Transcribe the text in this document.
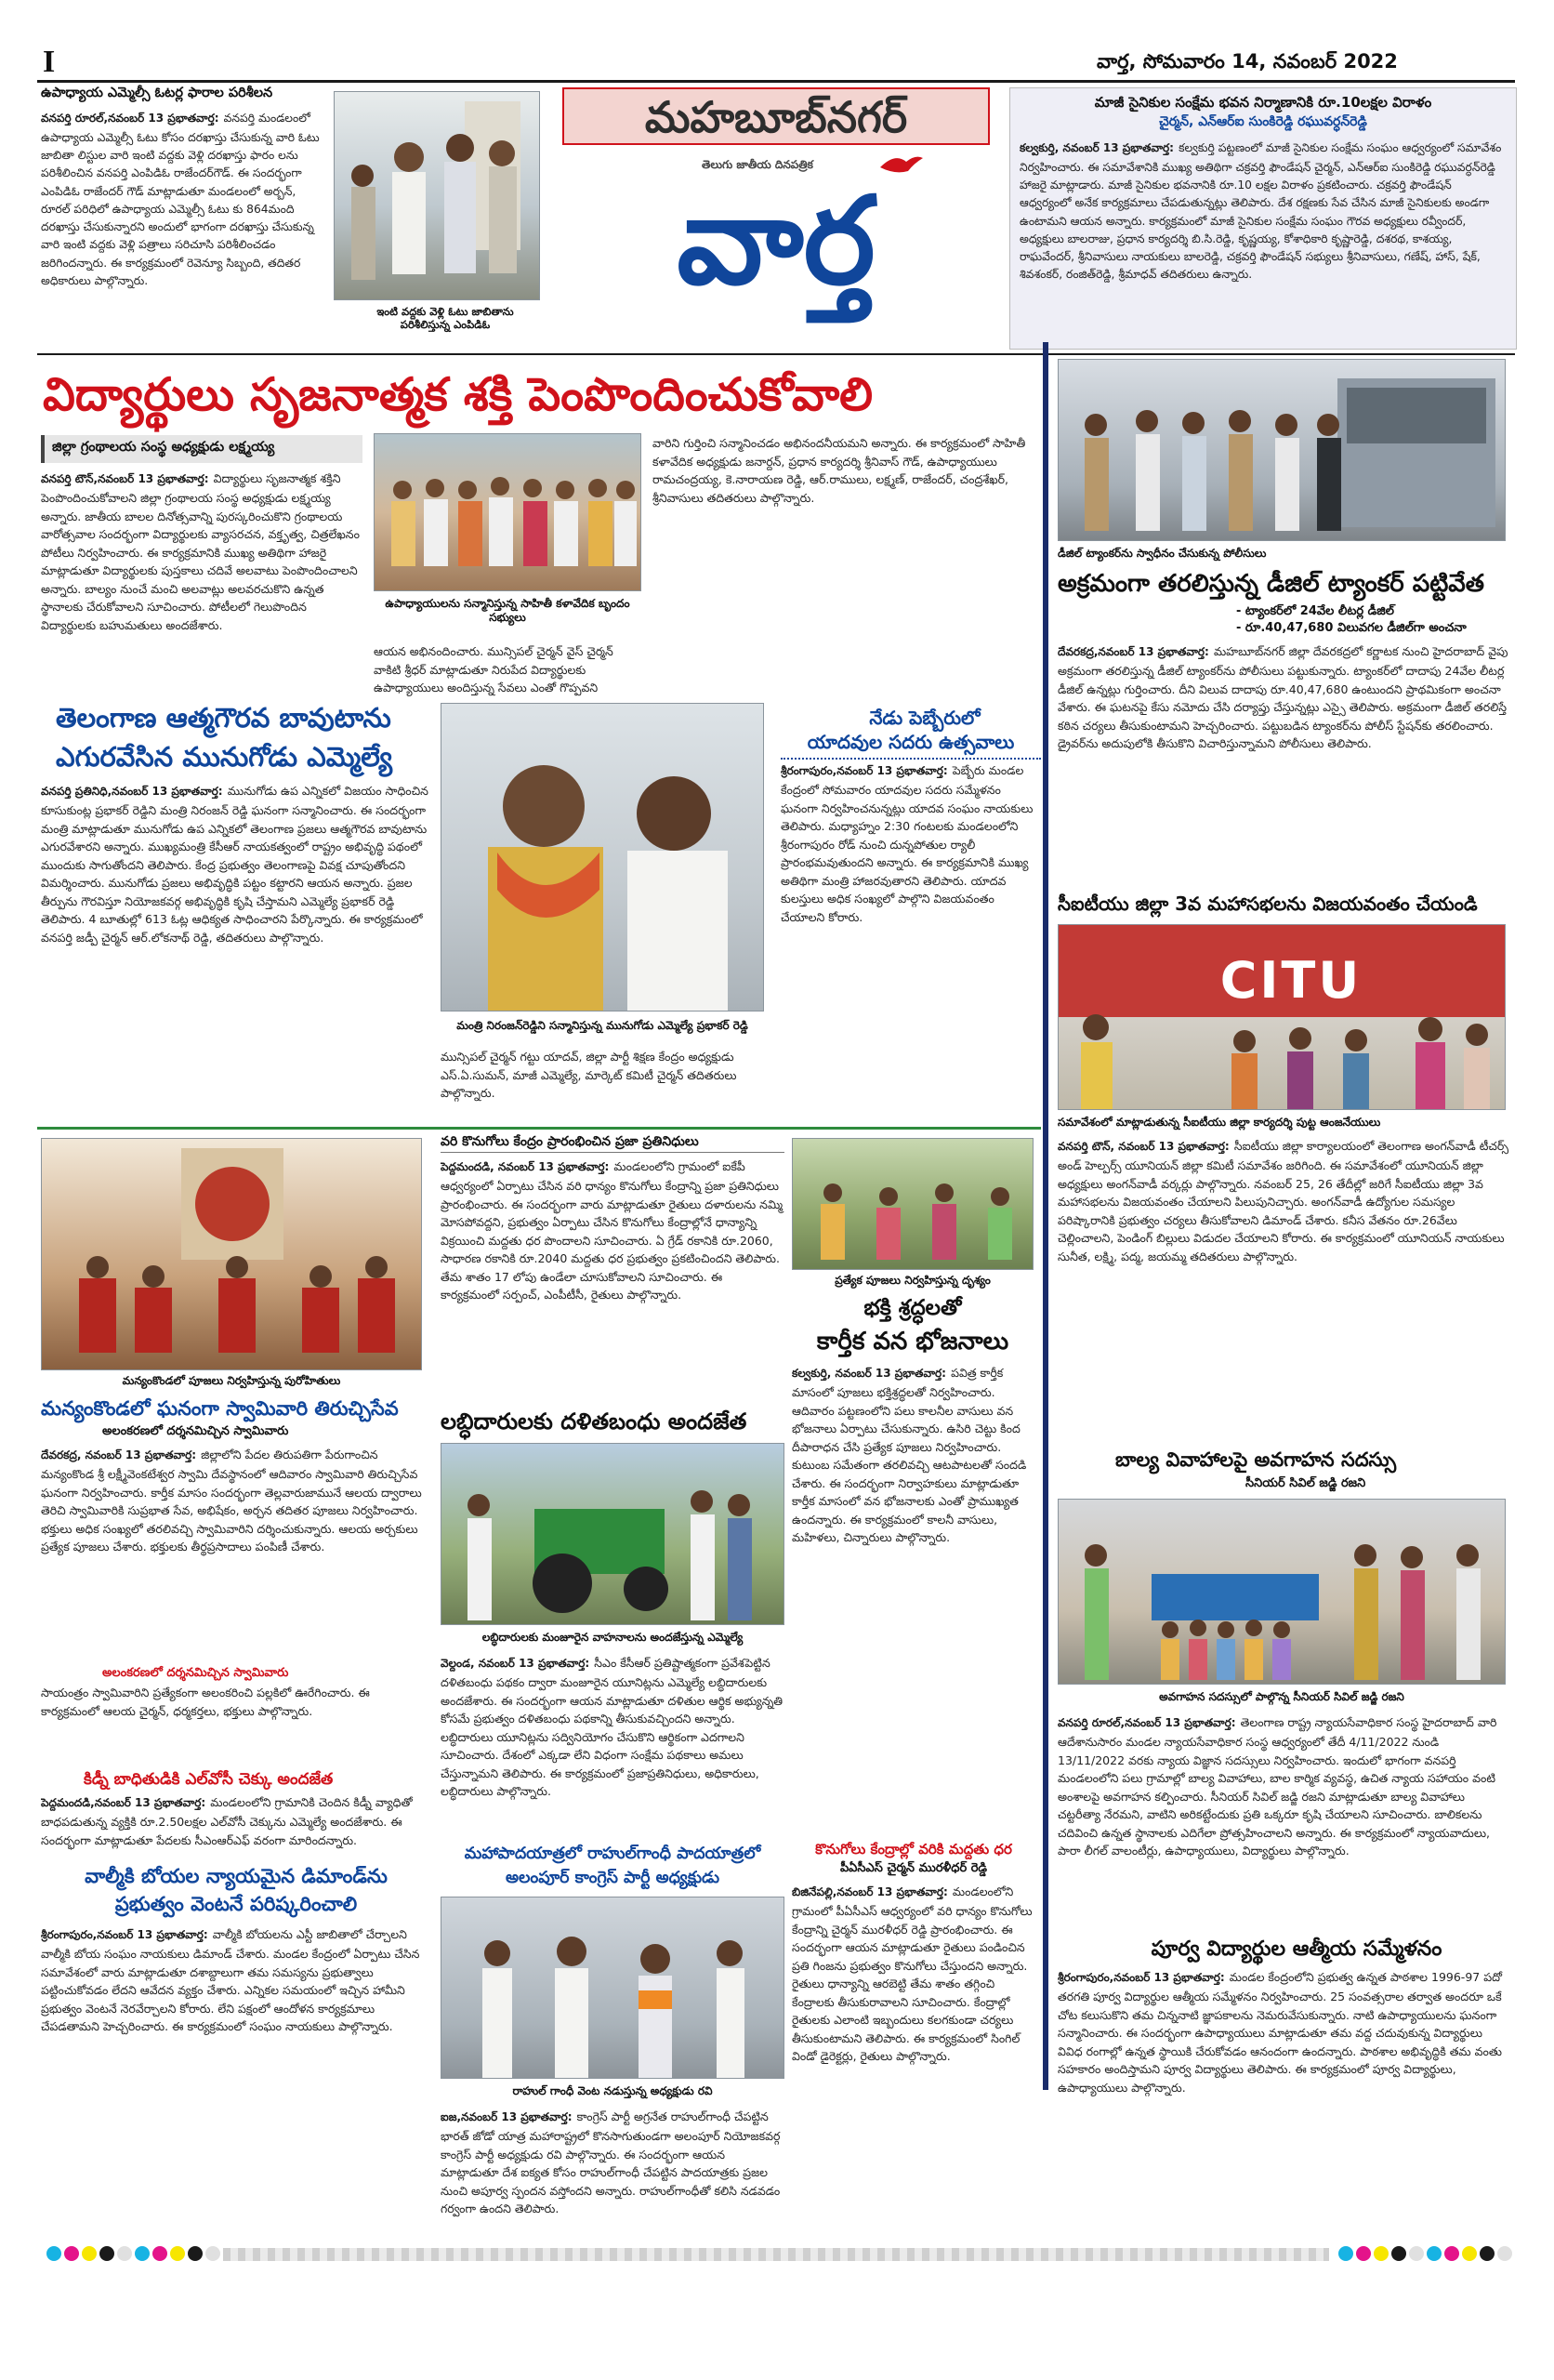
I	వార్త, సోమవారం 14, నవంబర్ 2022
ఉపాధ్యాయ ఎమ్మెల్సీ ఓటర్ల ఫారాల పరిశీలన
వనపర్తి రూరల్,నవంబర్ 13 ప్రభాతవార్త: వనపర్తి మండలంలో ఉపాధ్యాయ ఎమ్మెల్సీ ఓటు కోసం దరఖాస్తు చేసుకున్న వారి ఓటు జాబితా లిస్టుల వారి ఇంటి వద్దకు వెళ్లి దరఖాస్తు ఫారం లను పరిశీలించిన వనపర్తి ఎంపిడిఓ రాజేందర్‌గౌడ్. ఈ సందర్భంగా ఎంపిడిఓ రాజేందర్ గౌడ్ మాట్లాడుతూ మండలంలో అర్బన్, రూరల్ పరిధిలో ఉపాధ్యాయ ఎమ్మెల్సీ ఓటు కు 864మంది దరఖాస్తు చేసుకున్నారని అందులో భాగంగా దరఖాస్తు చేసుకున్న వారి ఇంటి వద్దకు వెళ్లి పత్రాలు సరిచూసి పరిశీలించడం జరిగిందన్నారు. ఈ కార్యక్రమంలో రెవెన్యూ సిబ్బంది, తదితర అధికారులు పాల్గొన్నారు.
ఇంటి వద్దకు వెళ్లి ఓటు జాబితాను పరిశీలిస్తున్న ఎంపిడిఓ
మహబూబ్‌నగర్
తెలుగు జాతీయ దినపత్రిక
వార్త
మాజీ సైనికుల సంక్షేమ భవన నిర్మాణానికి రూ.10లక్షల విరాళం
చైర్మన్, ఎన్‌ఆర్‌ఐ సుంకిరెడ్డి రఘువర్ధన్‌రెడ్డి
కల్వకుర్తి, నవంబర్ 13 ప్రభాతవార్త: కల్వకుర్తి పట్టణంలో మాజీ సైనికుల సంక్షేమ సంఘం ఆధ్వర్యంలో సమావేశం నిర్వహించారు. ఈ సమావేశానికి ముఖ్య అతిథిగా చక్రవర్తి ఫౌండేషన్ చైర్మన్, ఎన్‌ఆర్‌ఐ సుంకిరెడ్డి రఘువర్ధన్‌రెడ్డి హాజరై మాట్లాడారు. మాజీ సైనికుల భవనానికి రూ.10 లక్షల విరాళం ప్రకటించారు. చక్రవర్తి ఫౌండేషన్ ఆధ్వర్యంలో అనేక కార్యక్రమాలు చేపడుతున్నట్లు తెలిపారు. దేశ రక్షణకు సేవ చేసిన మాజీ సైనికులకు అండగా ఉంటామని ఆయన అన్నారు. కార్యక్రమంలో మాజీ సైనికుల సంక్షేమ సంఘం గౌరవ అధ్యక్షులు రవ్వీందర్, అధ్యక్షులు బాలరాజు, ప్రధాన కార్యదర్శి బి.సి.రెడ్డి, కృష్ణయ్య, కోశాధికారి కృష్ణారెడ్డి, దశరథ, కాశయ్య, రాఘవేందర్, శ్రీనివాసులు నాయకులు బాలరెడ్డి, చక్రవర్తి ఫౌండేషన్ సభ్యులు శ్రీనివాసులు, గణేష్, హాస్, షేక్, శివశంకర్, రంజిత్‌రెడ్డి, శ్రీమాధవ్ తదితరులు ఉన్నారు.
విద్యార్థులు సృజనాత్మక శక్తి పెంపొందించుకోవాలి
జిల్లా గ్రంథాలయ సంస్థ అధ్యక్షుడు లక్ష్మయ్య
వనపర్తి టౌన్,నవంబర్ 13 ప్రభాతవార్త: విద్యార్థులు సృజనాత్మక శక్తిని పెంపొందించుకోవాలని జిల్లా గ్రంథాలయ సంస్థ అధ్యక్షుడు లక్ష్మయ్య అన్నారు. జాతీయ బాలల దినోత్సవాన్ని పురస్కరించుకొని గ్రంథాలయ వారోత్సవాల సందర్భంగా విద్యార్థులకు వ్యాసరచన, వక్తృత్వ, చిత్రలేఖనం పోటీలు నిర్వహించారు. ఈ కార్యక్రమానికి ముఖ్య అతిథిగా హాజరై మాట్లాడుతూ విద్యార్థులకు పుస్తకాలు చదివే అలవాటు పెంపొందించాలని అన్నారు. బాల్యం నుంచే మంచి అలవాట్లు అలవరచుకొని ఉన్నత స్థానాలకు చేరుకోవాలని సూచించారు. పోటీలలో గెలుపొందిన విద్యార్థులకు బహుమతులు అందజేశారు.
ఉపాధ్యాయులను సన్మానిస్తున్న సాహితీ కళావేదిక బృందం సభ్యులు
వారిని గుర్తించి సన్మానించడం అభినందనీయమని అన్నారు. ఈ కార్యక్రమంలో సాహితీ కళావేదిక అధ్యక్షుడు జనార్దన్, ప్రధాన కార్యదర్శి శ్రీనివాస్ గౌడ్, ఉపాధ్యాయులు రామచంద్రయ్య, కె.నారాయణ రెడ్డి, ఆర్.రాములు, లక్ష్మణ్, రాజేందర్, చంద్రశేఖర్, శ్రీనివాసులు తదితరులు పాల్గొన్నారు.
ఆయన అభినందించారు. మున్సిపల్ చైర్మన్ వైస్ చైర్మన్ వాకిటి శ్రీధర్ మాట్లాడుతూ నిరుపేద విద్యార్థులకు ఉపాధ్యాయులు అందిస్తున్న సేవలు ఎంతో గొప్పవని
డీజిల్ ట్యాంకర్‌ను స్వాధీనం చేసుకున్న పోలీసులు
అక్రమంగా తరలిస్తున్న డీజిల్ ట్యాంకర్ పట్టివేత
- ట్యాంకర్‌లో 24వేల లీటర్ల డీజిల్
- రూ.40,47,680 విలువగల డీజిల్‌గా అంచనా
దేవరకద్ర,నవంబర్ 13 ప్రభాతవార్త: మహబూబ్‌నగర్ జిల్లా దేవరకద్రలో కర్ణాటక నుంచి హైదరాబాద్ వైపు అక్రమంగా తరలిస్తున్న డీజిల్ ట్యాంకర్‌ను పోలీసులు పట్టుకున్నారు. ట్యాంకర్‌లో దాదాపు 24వేల లీటర్ల డీజిల్ ఉన్నట్లు గుర్తించారు. దీని విలువ దాదాపు రూ.40,47,680 ఉంటుందని ప్రాథమికంగా అంచనా వేశారు. ఈ ఘటనపై కేసు నమోదు చేసి దర్యాప్తు చేస్తున్నట్లు ఎస్సై తెలిపారు. అక్రమంగా డీజిల్ తరలిస్తే కఠిన చర్యలు తీసుకుంటామని హెచ్చరించారు. పట్టుబడిన ట్యాంకర్‌ను పోలీస్ స్టేషన్‌కు తరలించారు. డ్రైవర్‌ను అదుపులోకి తీసుకొని విచారిస్తున్నామని పోలీసులు తెలిపారు.
సీఐటీయు జిల్లా 3వ మహాసభలను విజయవంతం చేయండి
CITU
సమావేశంలో మాట్లాడుతున్న సీఐటీయు జిల్లా కార్యదర్శి పుట్ట ఆంజనేయులు
వనపర్తి టౌన్, నవంబర్ 13 ప్రభాతవార్త: సీఐటీయు జిల్లా కార్యాలయంలో తెలంగాణ అంగన్‌వాడీ టీచర్స్ అండ్ హెల్పర్స్ యూనియన్ జిల్లా కమిటీ సమావేశం జరిగింది. ఈ సమావేశంలో యూనియన్ జిల్లా అధ్యక్షులు అంగన్‌వాడీ వర్కర్లు పాల్గొన్నారు. నవంబర్ 25, 26 తేదీల్లో జరిగే సీఐటీయు జిల్లా 3వ మహాసభలను విజయవంతం చేయాలని పిలుపునిచ్చారు. అంగన్‌వాడీ ఉద్యోగుల సమస్యల పరిష్కారానికి ప్రభుత్వం చర్యలు తీసుకోవాలని డిమాండ్ చేశారు. కనీస వేతనం రూ.26వేలు చెల్లించాలని, పెండింగ్ బిల్లులు విడుదల చేయాలని కోరారు. ఈ కార్యక్రమంలో యూనియన్ నాయకులు సునీత, లక్ష్మి, పద్మ, జయమ్మ తదితరులు పాల్గొన్నారు.
బాల్య వివాహాలపై అవగాహన సదస్సు
సీనియర్ సివిల్ జడ్జి రజని
అవగాహన సదస్సులో పాల్గొన్న సీనియర్ సివిల్ జడ్జి రజని
వనపర్తి రూరల్,నవంబర్ 13 ప్రభాతవార్త: తెలంగాణ రాష్ట్ర న్యాయసేవాధికార సంస్థ హైదరాబాద్ వారి ఆదేశానుసారం మండల న్యాయసేవాధికార సంస్థ ఆధ్వర్యంలో తేదీ 4/11/2022 నుండి 13/11/2022 వరకు న్యాయ విజ్ఞాన సదస్సులు నిర్వహించారు. ఇందులో భాగంగా వనపర్తి మండలంలోని పలు గ్రామాల్లో బాల్య వివాహాలు, బాల కార్మిక వ్యవస్థ, ఉచిత న్యాయ సహాయం వంటి అంశాలపై అవగాహన కల్పించారు. సీనియర్ సివిల్ జడ్జి రజని మాట్లాడుతూ బాల్య వివాహాలు చట్టరీత్యా నేరమని, వాటిని అరికట్టేందుకు ప్రతి ఒక్కరూ కృషి చేయాలని సూచించారు. బాలికలను చదివించి ఉన్నత స్థానాలకు ఎదిగేలా ప్రోత్సహించాలని అన్నారు. ఈ కార్యక్రమంలో న్యాయవాదులు, పారా లీగల్ వాలంటీర్లు, ఉపాధ్యాయులు, విద్యార్థులు పాల్గొన్నారు.
పూర్వ విద్యార్థుల ఆత్మీయ సమ్మేళనం
శ్రీరంగాపురం,నవంబర్ 13 ప్రభాతవార్త: మండల కేంద్రంలోని ప్రభుత్వ ఉన్నత పాఠశాల 1996-97 పదో తరగతి పూర్వ విద్యార్థుల ఆత్మీయ సమ్మేళనం నిర్వహించారు. 25 సంవత్సరాల తర్వాత అందరూ ఒకే చోట కలుసుకొని తమ చిన్ననాటి జ్ఞాపకాలను నెమరువేసుకున్నారు. నాటి ఉపాధ్యాయులను ఘనంగా సన్మానించారు. ఈ సందర్భంగా ఉపాధ్యాయులు మాట్లాడుతూ తమ వద్ద చదువుకున్న విద్యార్థులు వివిధ రంగాల్లో ఉన్నత స్థాయికి చేరుకోవడం ఆనందంగా ఉందన్నారు. పాఠశాల అభివృద్ధికి తమ వంతు సహకారం అందిస్తామని పూర్వ విద్యార్థులు తెలిపారు. ఈ కార్యక్రమంలో పూర్వ విద్యార్థులు, ఉపాధ్యాయులు పాల్గొన్నారు.
తెలంగాణ ఆత్మగౌరవ బావుటాను
ఎగురవేసిన మునుగోడు ఎమ్మెల్యే
వనపర్తి ప్రతినిధి,నవంబర్ 13 ప్రభాతవార్త: మునుగోడు ఉప ఎన్నికలో విజయం సాధించిన కూసుకుంట్ల ప్రభాకర్ రెడ్డిని మంత్రి నిరంజన్ రెడ్డి ఘనంగా సన్మానించారు. ఈ సందర్భంగా మంత్రి మాట్లాడుతూ మునుగోడు ఉప ఎన్నికలో తెలంగాణ ప్రజలు ఆత్మగౌరవ బావుటాను ఎగురవేశారని అన్నారు. ముఖ్యమంత్రి కేసీఆర్ నాయకత్వంలో రాష్ట్రం అభివృద్ధి పథంలో ముందుకు సాగుతోందని తెలిపారు. కేంద్ర ప్రభుత్వం తెలంగాణపై వివక్ష చూపుతోందని విమర్శించారు. మునుగోడు ప్రజలు అభివృద్ధికి పట్టం కట్టారని ఆయన అన్నారు. ప్రజల తీర్పును గౌరవిస్తూ నియోజకవర్గ అభివృద్ధికి కృషి చేస్తామని ఎమ్మెల్యే ప్రభాకర్ రెడ్డి తెలిపారు. 4 బూతుల్లో 613 ఓట్ల ఆధిక్యత సాధించారని పేర్కొన్నారు. ఈ కార్యక్రమంలో వనపర్తి జడ్పీ చైర్మన్ ఆర్.లోకనాథ్ రెడ్డి, తదితరులు పాల్గొన్నారు.
మంత్రి నిరంజన్‌రెడ్డిని సన్మానిస్తున్న మునుగోడు ఎమ్మెల్యే ప్రభాకర్ రెడ్డి
మున్సిపల్ చైర్మన్ గట్టు యాదవ్, జిల్లా పార్టీ శిక్షణ కేంద్రం అధ్యక్షుడు ఎస్.ఏ.సుమన్, మాజీ ఎమ్మెల్యే, మార్కెట్ కమిటీ చైర్మన్ తదితరులు పాల్గొన్నారు.
నేడు పెబ్బేరులో
యాదవుల సదరు ఉత్సవాలు
శ్రీరంగాపురం,నవంబర్ 13 ప్రభాతవార్త: పెబ్బేరు మండల కేంద్రంలో సోమవారం యాదవుల సదరు సమ్మేళనం ఘనంగా నిర్వహించనున్నట్లు యాదవ సంఘం నాయకులు తెలిపారు. మధ్యాహ్నం 2:30 గంటలకు మండలంలోని శ్రీరంగాపురం రోడ్ నుంచి దున్నపోతుల ర్యాలీ ప్రారంభమవుతుందని అన్నారు. ఈ కార్యక్రమానికి ముఖ్య అతిథిగా మంత్రి హాజరవుతారని తెలిపారు. యాదవ కులస్తులు అధిక సంఖ్యలో పాల్గొని విజయవంతం చేయాలని కోరారు.
మన్యంకొండలో పూజలు నిర్వహిస్తున్న పురోహితులు
మన్యంకొండలో ఘనంగా స్వామివారి తిరుచ్చిసేవ
అలంకరణలో దర్శనమిచ్చిన స్వామివారు
దేవరకద్ర, నవంబర్ 13 ప్రభాతవార్త: జిల్లాలోని పేదల తిరుపతిగా పేరుగాంచిన మన్యంకొండ శ్రీ లక్ష్మీవెంకటేశ్వర స్వామి దేవస్థానంలో ఆదివారం స్వామివారి తిరుచ్చిసేవ ఘనంగా నిర్వహించారు. కార్తీక మాసం సందర్భంగా తెల్లవారుజామునే ఆలయ ద్వారాలు తెరిచి స్వామివారికి సుప్రభాత సేవ, అభిషేకం, అర్చన తదితర పూజలు నిర్వహించారు. భక్తులు అధిక సంఖ్యలో తరలివచ్చి స్వామివారిని దర్శించుకున్నారు. ఆలయ అర్చకులు ప్రత్యేక పూజలు చేశారు. భక్తులకు తీర్థప్రసాదాలు పంపిణీ చేశారు.
అలంకరణలో దర్శనమిచ్చిన స్వామివారు
సాయంత్రం స్వామివారిని ప్రత్యేకంగా అలంకరించి పల్లకిలో ఊరేగించారు. ఈ కార్యక్రమంలో ఆలయ చైర్మన్, ధర్మకర్తలు, భక్తులు పాల్గొన్నారు.
కిడ్నీ బాధితుడికి ఎల్‌వోసీ చెక్కు అందజేత
పెద్దమందడి,నవంబర్ 13 ప్రభాతవార్త: మండలంలోని గ్రామానికి చెందిన కిడ్నీ వ్యాధితో బాధపడుతున్న వ్యక్తికి రూ.2.50లక్షల ఎల్‌వోసీ చెక్కును ఎమ్మెల్యే అందజేశారు. ఈ సందర్భంగా మాట్లాడుతూ పేదలకు సీఎంఆర్‌ఎఫ్ వరంగా మారిందన్నారు.
వాల్మీకి బోయల న్యాయమైన డిమాండ్‌ను
ప్రభుత్వం వెంటనే పరిష్కరించాలి
శ్రీరంగాపురం,నవంబర్ 13 ప్రభాతవార్త: వాల్మీకి బోయలను ఎస్టీ జాబితాలో చేర్చాలని వాల్మీకి బోయ సంఘం నాయకులు డిమాండ్ చేశారు. మండల కేంద్రంలో ఏర్పాటు చేసిన సమావేశంలో వారు మాట్లాడుతూ దశాబ్దాలుగా తమ సమస్యను ప్రభుత్వాలు పట్టించుకోవడం లేదని ఆవేదన వ్యక్తం చేశారు. ఎన్నికల సమయంలో ఇచ్చిన హామీని ప్రభుత్వం వెంటనే నెరవేర్చాలని కోరారు. లేని పక్షంలో ఆందోళన కార్యక్రమాలు చేపడతామని హెచ్చరించారు. ఈ కార్యక్రమంలో సంఘం నాయకులు పాల్గొన్నారు.
వరి కొనుగోలు కేంద్రం ప్రారంభించిన ప్రజా ప్రతినిధులు
పెద్దమందడి, నవంబర్ 13 ప్రభాతవార్త: మండలంలోని గ్రామంలో ఐకేపీ ఆధ్వర్యంలో ఏర్పాటు చేసిన వరి ధాన్యం కొనుగోలు కేంద్రాన్ని ప్రజా ప్రతినిధులు ప్రారంభించారు. ఈ సందర్భంగా వారు మాట్లాడుతూ రైతులు దళారులను నమ్మి మోసపోవద్దని, ప్రభుత్వం ఏర్పాటు చేసిన కొనుగోలు కేంద్రాల్లోనే ధాన్యాన్ని విక్రయించి మద్దతు ధర పొందాలని సూచించారు. ఏ గ్రేడ్ రకానికి రూ.2060, సాధారణ రకానికి రూ.2040 మద్దతు ధర ప్రభుత్వం ప్రకటించిందని తెలిపారు. తేమ శాతం 17 లోపు ఉండేలా చూసుకోవాలని సూచించారు. ఈ కార్యక్రమంలో సర్పంచ్, ఎంపీటీసీ, రైతులు పాల్గొన్నారు.
లబ్ధిదారులకు దళితబంధు అందజేత
లబ్ధిదారులకు మంజూరైన వాహనాలను అందజేస్తున్న ఎమ్మెల్యే
వెల్దండ, నవంబర్ 13 ప్రభాతవార్త: సీఎం కేసీఆర్ ప్రతిష్టాత్మకంగా ప్రవేశపెట్టిన దళితబంధు పథకం ద్వారా మంజూరైన యూనిట్లను ఎమ్మెల్యే లబ్ధిదారులకు అందజేశారు. ఈ సందర్భంగా ఆయన మాట్లాడుతూ దళితుల ఆర్థిక అభ్యున్నతి కోసమే ప్రభుత్వం దళితబంధు పథకాన్ని తీసుకువచ్చిందని అన్నారు. లబ్ధిదారులు యూనిట్లను సద్వినియోగం చేసుకొని ఆర్థికంగా ఎదగాలని సూచించారు. దేశంలో ఎక్కడా లేని విధంగా సంక్షేమ పథకాలు అమలు చేస్తున్నామని తెలిపారు. ఈ కార్యక్రమంలో ప్రజాప్రతినిధులు, అధికారులు, లబ్ధిదారులు పాల్గొన్నారు.
మహాపాదయాత్రలో రాహుల్‌గాంధీ పాదయాత్రలో
అలంపూర్ కాంగ్రెస్ పార్టీ అధ్యక్షుడు
రాహుల్ గాంధీ వెంట నడుస్తున్న అధ్యక్షుడు రవి
ఐజ,నవంబర్ 13 ప్రభాతవార్త: కాంగ్రెస్ పార్టీ అగ్రనేత రాహుల్‌గాంధీ చేపట్టిన భారత్ జోడో యాత్ర మహారాష్ట్రలో కొనసాగుతుండగా అలంపూర్ నియోజకవర్గ కాంగ్రెస్ పార్టీ అధ్యక్షుడు రవి పాల్గొన్నారు. ఈ సందర్భంగా ఆయన మాట్లాడుతూ దేశ ఐక్యత కోసం రాహుల్‌గాంధీ చేపట్టిన పాదయాత్రకు ప్రజల నుంచి అపూర్వ స్పందన వస్తోందని అన్నారు. రాహుల్‌గాంధీతో కలిసి నడవడం గర్వంగా ఉందని తెలిపారు.
ప్రత్యేక పూజలు నిర్వహిస్తున్న దృశ్యం
భక్తి శ్రద్ధలతో
కార్తీక వన భోజనాలు
కల్వకుర్తి, నవంబర్ 13 ప్రభాతవార్త: పవిత్ర కార్తీక మాసంలో పూజలు భక్తిశ్రద్ధలతో నిర్వహించారు. ఆదివారం పట్టణంలోని పలు కాలనీల వాసులు వన భోజనాలు ఏర్పాటు చేసుకున్నారు. ఉసిరి చెట్టు కింద దీపారాధన చేసి ప్రత్యేక పూజలు నిర్వహించారు. కుటుంబ సమేతంగా తరలివచ్చి ఆటపాటలతో సందడి చేశారు. ఈ సందర్భంగా నిర్వాహకులు మాట్లాడుతూ కార్తీక మాసంలో వన భోజనాలకు ఎంతో ప్రాముఖ్యత ఉందన్నారు. ఈ కార్యక్రమంలో కాలనీ వాసులు, మహిళలు, చిన్నారులు పాల్గొన్నారు.
కొనుగోలు కేంద్రాల్లో వరికి మద్దతు ధర
పీఏసీఎస్ చైర్మన్ మురళీధర్ రెడ్డి
బిజినేపల్లి,నవంబర్ 13 ప్రభాతవార్త: మండలంలోని గ్రామంలో పీఏసీఎస్ ఆధ్వర్యంలో వరి ధాన్యం కొనుగోలు కేంద్రాన్ని చైర్మన్ మురళీధర్ రెడ్డి ప్రారంభించారు. ఈ సందర్భంగా ఆయన మాట్లాడుతూ రైతులు పండించిన ప్రతి గింజను ప్రభుత్వం కొనుగోలు చేస్తుందని అన్నారు. రైతులు ధాన్యాన్ని ఆరబెట్టి తేమ శాతం తగ్గించి కేంద్రాలకు తీసుకురావాలని సూచించారు. కేంద్రాల్లో రైతులకు ఎలాంటి ఇబ్బందులు కలగకుండా చర్యలు తీసుకుంటామని తెలిపారు. ఈ కార్యక్రమంలో సింగిల్ విండో డైరెక్టర్లు, రైతులు పాల్గొన్నారు.
